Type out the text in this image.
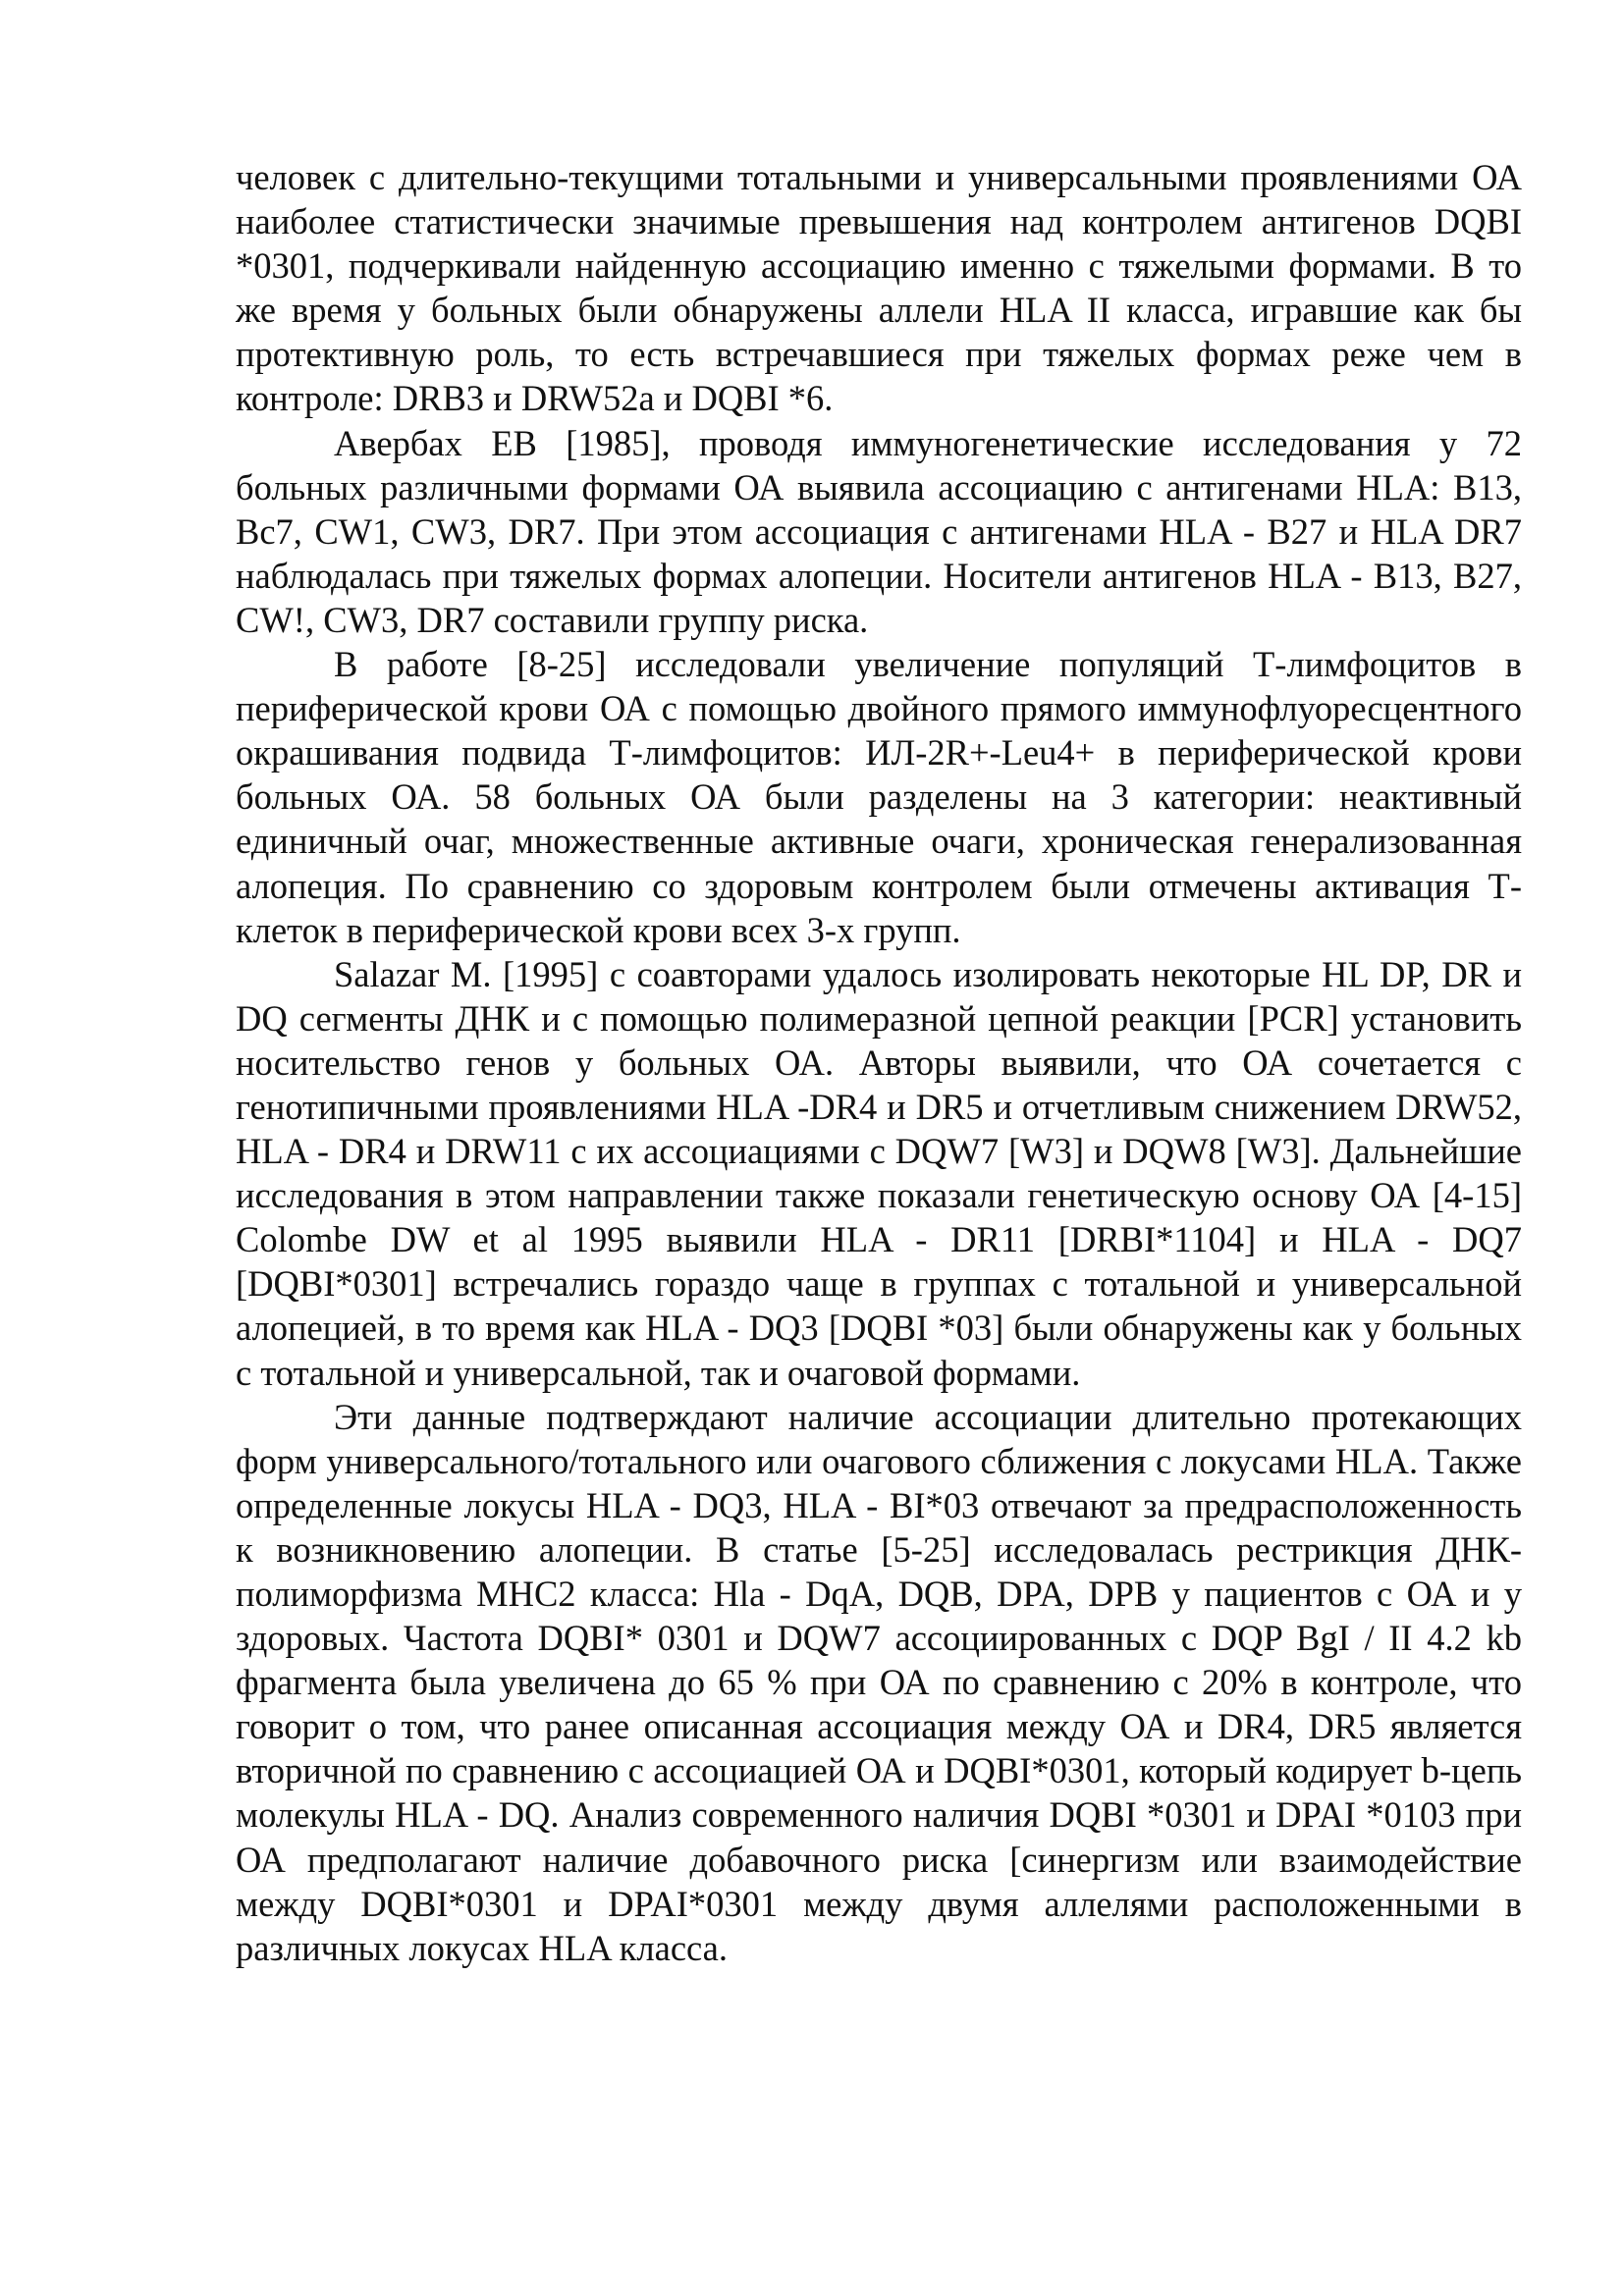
человек с длительно-текущими тотальными и универсальными проявлениями ОА наиболее статистически значимые превышения над контролем антигенов DQBI *0301, подчеркивали найденную ассоциацию именно с тяжелыми формами. В то же время у больных были обнаружены аллели HLA II класса, игравшие как бы протективную роль, то есть встречавшиеся при тяжелых формах реже чем в контроле: DRB3 и DRW52a и DQBI *6.

Авербах ЕВ [1985], проводя иммуногенетические исследования у 72 больных различными формами ОА выявила ассоциацию с антигенами HLA: В13, Вс7, CW1, CW3, DR7. При этом ассоциация с антигенами HLA - B27 и HLA DR7 наблюдалась при тяжелых формах алопеции. Носители антигенов HLA - B13, B27, CW!, CW3, DR7 составили группу риска.

В работе [8-25] исследовали увеличение популяций Т-лимфоцитов в периферической крови ОА с помощью двойного прямого иммунофлуоресцентного окрашивания подвида Т-лимфоцитов: ИЛ-2R+-Leu4+ в периферической крови больных ОА. 58 больных ОА были разделены на 3 категории: неактивный единичный очаг, множественные активные очаги, хроническая генерализованная алопеция. По сравнению со здоровым контролем были отмечены активация Т-клеток в периферической крови всех 3-х групп.

Salazar M. [1995] с соавторами удалось изолировать некоторые HL DP, DR и DQ сегменты ДНК и с помощью полимеразной цепной реакции [PCR] установить носительство генов у больных ОА. Авторы выявили, что ОА сочетается с генотипичными проявлениями HLA -DR4 и DR5 и отчетливым снижением DRW52, HLA - DR4 и DRW11 с их ассоциациями с DQW7 [W3] и DQW8 [W3]. Дальнейшие исследования в этом направлении также показали генетическую основу ОА [4-15] Colombe DW et al 1995 выявили HLA - DR11 [DRBI*1104] и HLA - DQ7 [DQBI*0301] встречались гораздо чаще в группах с тотальной и универсальной алопецией, в то время как HLA - DQ3 [DQBI *03] были обнаружены как у больных с тотальной и универсальной, так и очаговой формами.

Эти данные подтверждают наличие ассоциации длительно протекающих форм универсального/тотального или очагового сближения с локусами HLA. Также определенные локусы HLA - DQ3, HLA - BI*03 отвечают за предрасположенность к возникновению алопеции. В статье [5-25] исследовалась рестрикция ДНК-полиморфизма МНС2 класса: Hla - DqA, DQB, DPA, DPB у пациентов с ОА и у здоровых. Частота DQBI* 0301 и DQW7 ассоциированных с DQP BgI / II 4.2 kb фрагмента была увеличена до 65 % при ОА по сравнению с 20% в контроле, что говорит о том, что ранее описанная ассоциация между ОА и DR4, DR5 является вторичной по сравнению с ассоциацией ОА и DQBI*0301, который кодирует b-цепь молекулы HLA - DQ. Анализ современного наличия DQBI *0301 и DPAI *0103 при ОА предполагают наличие добавочного риска [синергизм или взаимодействие между DQBI*0301 и DPAI*0301 между двумя аллелями расположенными в различных локусах HLA класса.
